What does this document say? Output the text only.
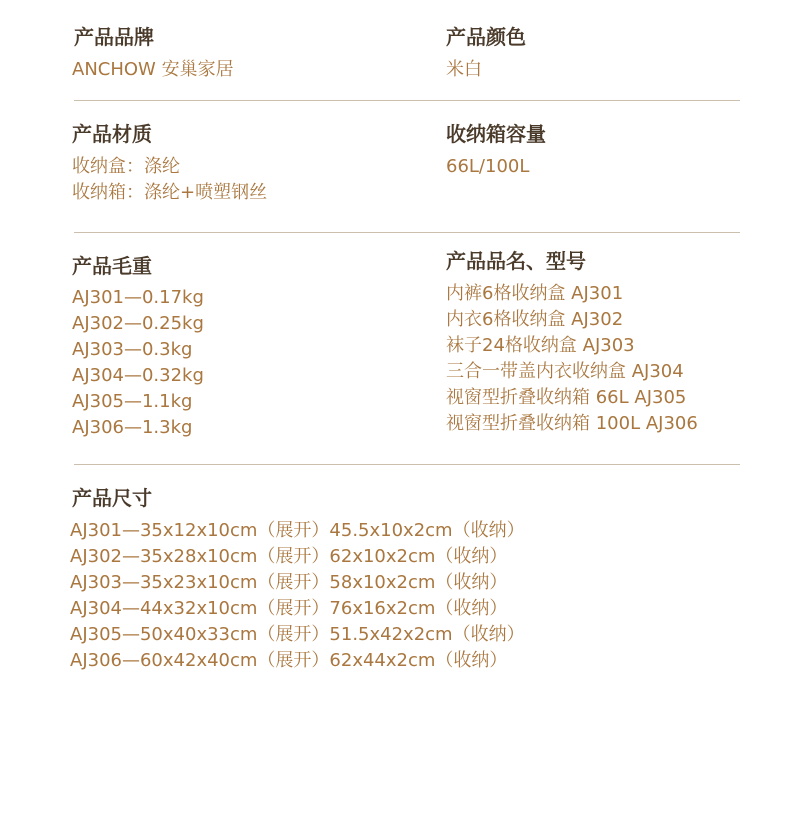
产品品牌
ANCHOW 安巢家居
产品颜色
米白
产品材质
收纳盒：涤纶
收纳箱：涤纶+喷塑钢丝
收纳箱容量
66L/100L
产品毛重
AJ301—0.17kg
AJ302—0.25kg
AJ303—0.3kg
AJ304—0.32kg
AJ305—1.1kg
AJ306—1.3kg
产品品名、型号
内裤6格收纳盒 AJ301
内衣6格收纳盒 AJ302
袜子24格收纳盒 AJ303
三合一带盖内衣收纳盒 AJ304
视窗型折叠收纳箱 66L AJ305
视窗型折叠收纳箱 100L AJ306
产品尺寸
AJ301—35x12x10cm（展开）45.5x10x2cm（收纳）
AJ302—35x28x10cm（展开）62x10x2cm（收纳）
AJ303—35x23x10cm（展开）58x10x2cm（收纳）
AJ304—44x32x10cm（展开）76x16x2cm（收纳）
AJ305—50x40x33cm（展开）51.5x42x2cm（收纳）
AJ306—60x42x40cm（展开）62x44x2cm（收纳）
